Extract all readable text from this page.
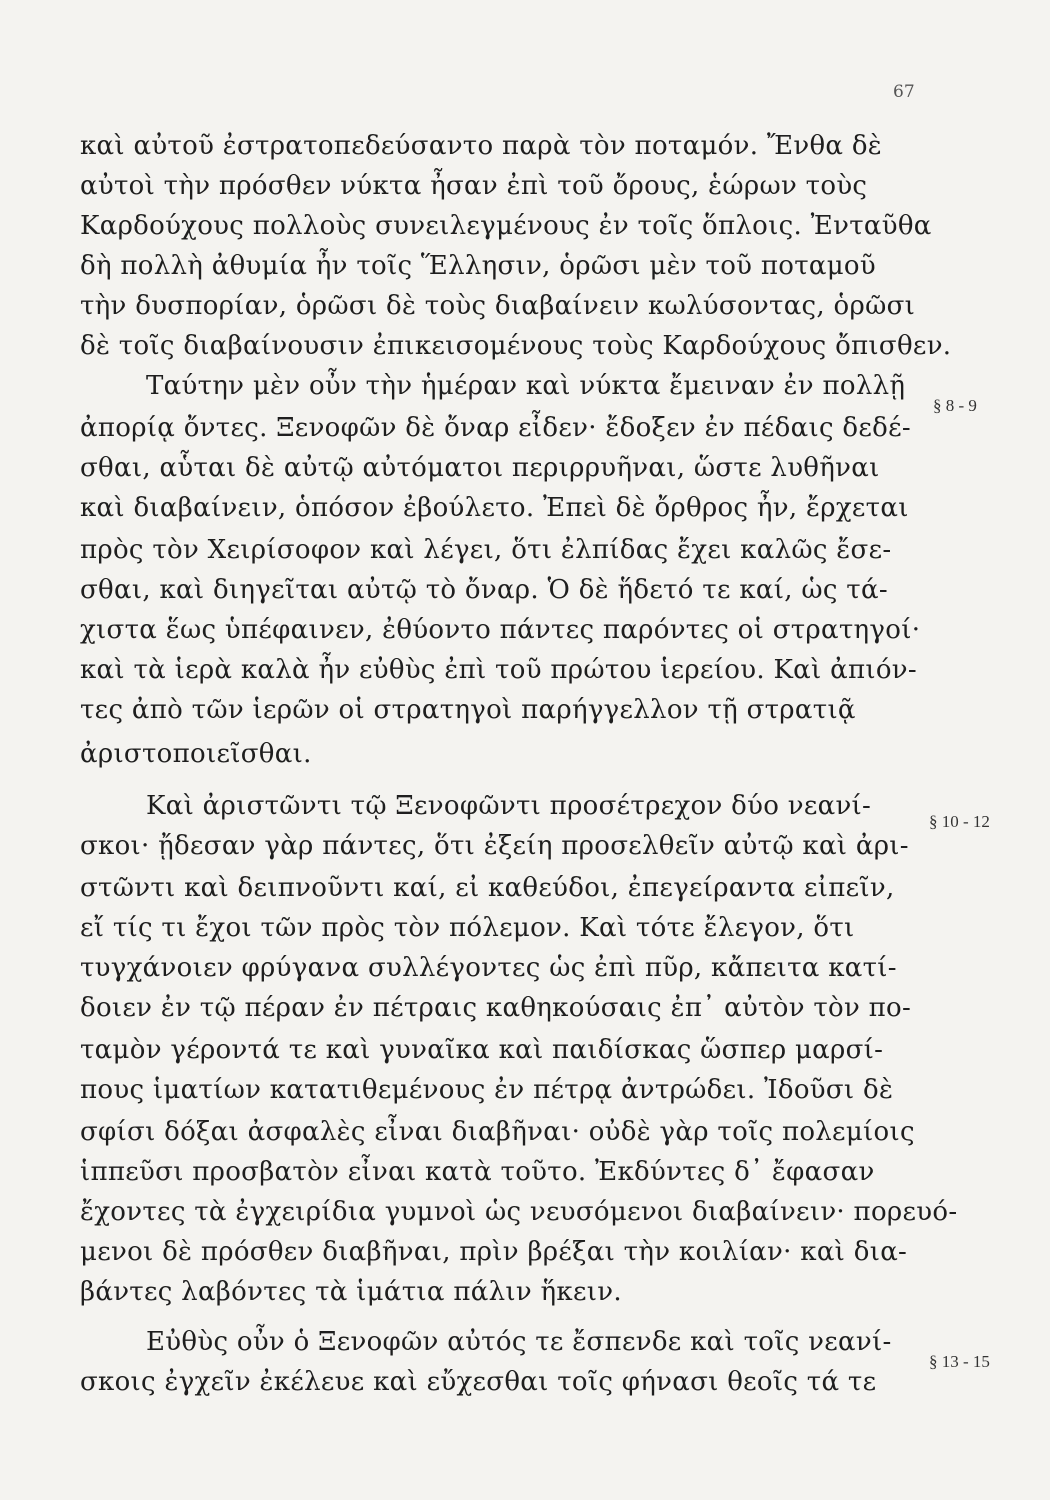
67
καὶ αὐτοῦ ἐστρατοπεδεύσαντο παρὰ τὸν ποταμόν. Ἔνθα δὲ
αὐτοὶ τὴν πρόσθεν νύκτα ἦσαν ἐπὶ τοῦ ὄρους, ἑώρων τοὺς
Καρδούχους πολλοὺς συνειλεγμένους ἐν τοῖς ὅπλοις. Ἐνταῦθα
δὴ πολλὴ ἀθυμία ἦν τοῖς Ἕλλησιν, ὁρῶσι μὲν τοῦ ποταμοῦ
τὴν δυσπορίαν, ὁρῶσι δὲ τοὺς διαβαίνειν κωλύσοντας, ὁρῶσι
δὲ τοῖς διαβαίνουσιν ἐπικεισομένους τοὺς Καρδούχους ὄπισθεν.
Ταύτην μὲν οὖν τὴν ἡμέραν καὶ νύκτα ἔμειναν ἐν πολλῇ
ἀπορίᾳ ὄντες. Ξενοφῶν δὲ ὄναρ εἶδεν· ἔδοξεν ἐν πέδαις δεδέ-
σθαι, αὗται δὲ αὐτῷ αὐτόματοι περιρρυῆναι, ὥστε λυθῆναι
καὶ διαβαίνειν, ὁπόσον ἐβούλετο. Ἐπεὶ δὲ ὄρθρος ἦν, ἔρχεται
πρὸς τὸν Χειρίσοφον καὶ λέγει, ὅτι ἐλπίδας ἔχει καλῶς ἔσε-
σθαι, καὶ διηγεῖται αὐτῷ τὸ ὄναρ. Ὁ δὲ ἥδετό τε καί, ὡς τά-
χιστα ἕως ὑπέφαινεν, ἐθύοντο πάντες παρόντες οἱ στρατηγοί·
καὶ τὰ ἱερὰ καλὰ ἦν εὐθὺς ἐπὶ τοῦ πρώτου ἱερείου. Καὶ ἀπιόν-
τες ἀπὸ τῶν ἱερῶν οἱ στρατηγοὶ παρήγγελλον τῇ στρατιᾷ
ἀριστοποιεῖσθαι.
Καὶ ἀριστῶντι τῷ Ξενοφῶντι προσέτρεχον δύο νεανί-
σκοι· ᾔδεσαν γὰρ πάντες, ὅτι ἐξείη προσελθεῖν αὐτῷ καὶ ἀρι-
στῶντι καὶ δειπνοῦντι καί, εἰ καθεύδοι, ἐπεγείραντα εἰπεῖν,
εἴ τίς τι ἔχοι τῶν πρὸς τὸν πόλεμον. Καὶ τότε ἔλεγον, ὅτι
τυγχάνοιεν φρύγανα συλλέγοντες ὡς ἐπὶ πῦρ, κἄπειτα κατί-
δοιεν ἐν τῷ πέραν ἐν πέτραις καθηκούσαις ἐπ᾽ αὐτὸν τὸν πο-
ταμὸν γέροντά τε καὶ γυναῖκα καὶ παιδίσκας ὥσπερ μαρσί-
πους ἱματίων κατατιθεμένους ἐν πέτρᾳ ἀντρώδει. Ἰδοῦσι δὲ
σφίσι δόξαι ἀσφαλὲς εἶναι διαβῆναι· οὐδὲ γὰρ τοῖς πολεμίοις
ἱππεῦσι προσβατὸν εἶναι κατὰ τοῦτο. Ἐκδύντες δ᾽ ἔφασαν
ἔχοντες τὰ ἐγχειρίδια γυμνοὶ ὡς νευσόμενοι διαβαίνειν· πορευό-
μενοι δὲ πρόσθεν διαβῆναι, πρὶν βρέξαι τὴν κοιλίαν· καὶ δια-
βάντες λαβόντες τὰ ἱμάτια πάλιν ἥκειν.
Εὐθὺς οὖν ὁ Ξενοφῶν αὐτός τε ἔσπενδε καὶ τοῖς νεανί-
σκοις ἐγχεῖν ἐκέλευε καὶ εὔχεσθαι τοῖς φήνασι θεοῖς τά τε
§ 8 - 9
§ 10 - 12
§ 13 - 15
